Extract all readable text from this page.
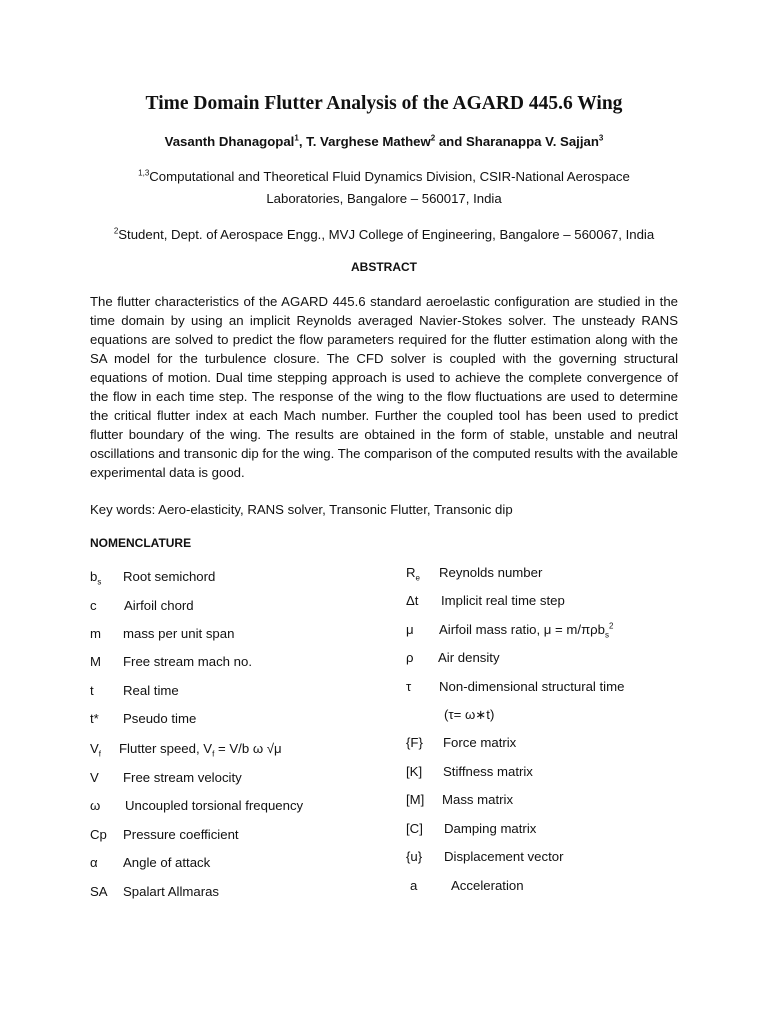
Time Domain Flutter Analysis of the AGARD 445.6 Wing
Vasanth Dhanagopal$^1$, T. Varghese Mathew$^2$ and Sharanappa V. Sajjan$^3$
$^{1,3}$Computational and Theoretical Fluid Dynamics Division, CSIR-National Aerospace
Laboratories, Bangalore – 560017, India
$^2$Student, Dept. of Aerospace Engg., MVJ College of Engineering, Bangalore – 560067, India
ABSTRACT
The flutter characteristics of the AGARD 445.6 standard aeroelastic configuration are studied in the time domain by using an implicit Reynolds averaged Navier-Stokes solver. The unsteady RANS equations are solved to predict the flow parameters required for the flutter estimation along with the SA model for the turbulence closure. The CFD solver is coupled with the governing structural equations of motion. Dual time stepping approach is used to achieve the complete convergence of the flow in each time step. The response of the wing to the flow fluctuations are used to determine the critical flutter index at each Mach number. Further the coupled tool has been used to predict flutter boundary of the wing. The results are obtained in the form of stable, unstable and neutral oscillations and transonic dip for the wing. The comparison of the computed results with the available experimental data is good.
Key words: Aero-elasticity, RANS solver, Transonic Flutter, Transonic dip
NOMENCLATURE
$b_s$ Root semichord
c Airfoil chord
m mass per unit span
M Free stream mach no.
t Real time
t* Pseudo time
$V_f$ Flutter speed, $V_f = V/b$ ω √μ
V Free stream velocity
ω Uncoupled torsional frequency
Cp Pressure coefficient
α Angle of attack
SA Spalart Allmaras
$R_e$ Reynolds number
Δt Implicit real time step
μ Airfoil mass ratio, μ = m/πρb$_s^2$
ρ Air density
τ Non-dimensional structural time
(τ= ω∗t)
{F} Force matrix
[K] Stiffness matrix
[M] Mass matrix
[C] Damping matrix
{u} Displacement vector
a	Acceleration
